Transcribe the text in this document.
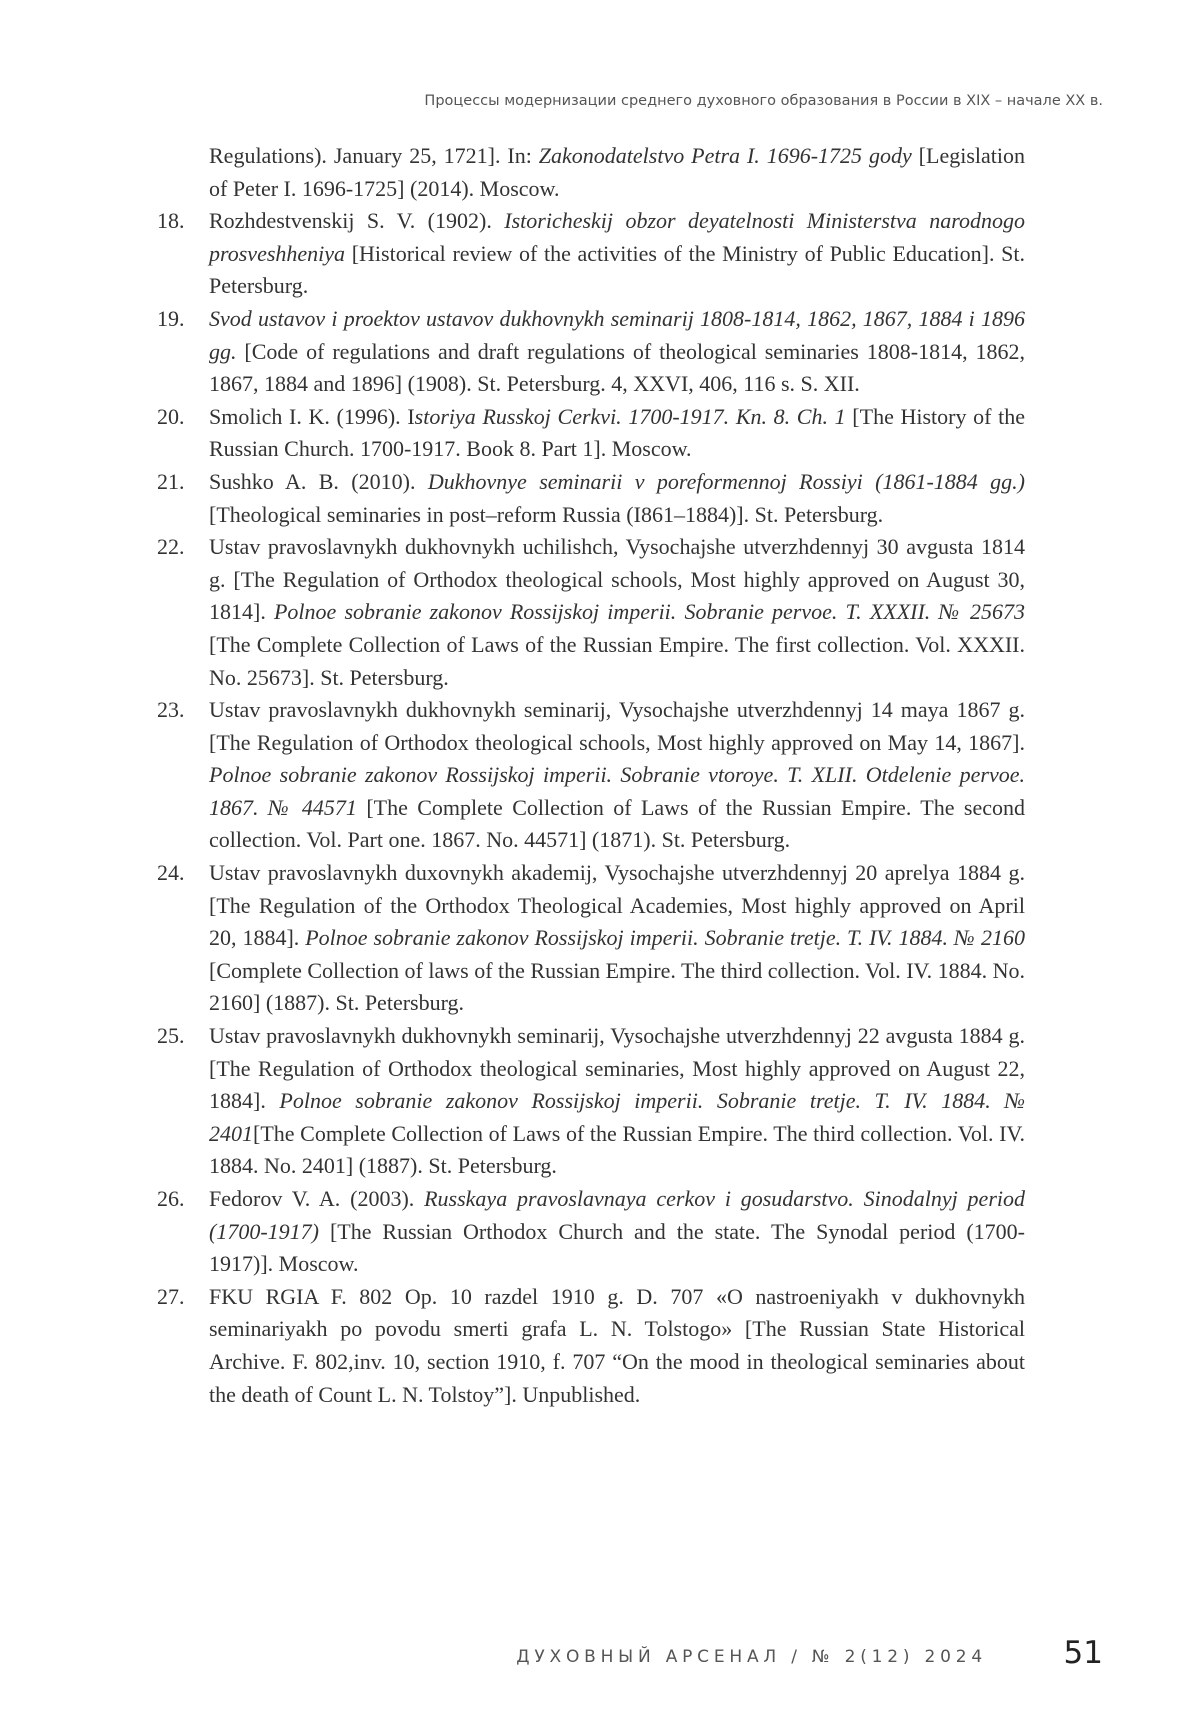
Процессы модернизации среднего духовного образования в России в XIX – начале XX в.
Regulations). January 25, 1721]. In: Zakonodatelstvo Petra I. 1696-1725 gody [Legislation of Peter I. 1696-1725] (2014). Moscow.
18. Rozhdestvenskij S. V. (1902). Istoricheskij obzor deyatelnosti Ministerstva narodnogo prosveshheniya [Historical review of the activities of the Ministry of Public Education]. St. Petersburg.
19. Svod ustavov i proektov ustavov dukhovnykh seminarij 1808-1814, 1862, 1867, 1884 i 1896 gg. [Code of regulations and draft regulations of theological seminaries 1808-1814, 1862, 1867, 1884 and 1896] (1908). St. Petersburg. 4, XXVI, 406, 116 s. S. XII.
20. Smolich I. K. (1996). Istoriya Russkoj Cerkvi. 1700-1917. Kn. 8. Ch. 1 [The History of the Russian Church. 1700-1917. Book 8. Part 1]. Moscow.
21. Sushko A. B. (2010). Dukhovnye seminarii v poreformennoj Rossiyi (1861-1884 gg.) [Theological seminaries in post–reform Russia (I861–1884)]. St. Petersburg.
22. Ustav pravoslavnykh dukhovnykh uchilishch, Vysochajshe utverzhdennyj 30 avgusta 1814 g. [The Regulation of Orthodox theological schools, Most highly approved on August 30, 1814]. Polnoe sobranie zakonov Rossijskoj imperii. Sobranie pervoe. T. XXXII. № 25673 [The Complete Collection of Laws of the Russian Empire. The first collection. Vol. XXXII. No. 25673]. St. Petersburg.
23. Ustav pravoslavnykh dukhovnykh seminarij, Vysochajshe utverzhdennyj 14 maya 1867 g. [The Regulation of Orthodox theological schools, Most highly approved on May 14, 1867]. Polnoe sobranie zakonov Rossijskoj imperii. Sobranie vtoroye. T. XLII. Otdelenie pervoe. 1867. № 44571 [The Complete Collection of Laws of the Russian Empire. The second collection. Vol. Part one. 1867. No. 44571] (1871). St. Petersburg.
24. Ustav pravoslavnykh duxovnykh akademij, Vysochajshe utverzhdennyj 20 aprelya 1884 g. [The Regulation of the Orthodox Theological Academies, Most highly approved on April 20, 1884]. Polnoe sobranie zakonov Rossijskoj imperii. Sobranie tretje. T. IV. 1884. № 2160 [Complete Collection of laws of the Russian Empire. The third collection. Vol. IV. 1884. No. 2160] (1887). St. Petersburg.
25. Ustav pravoslavnykh dukhovnykh seminarij, Vysochajshe utverzhdennyj 22 avgusta 1884 g. [The Regulation of Orthodox theological seminaries, Most highly approved on August 22, 1884]. Polnoe sobranie zakonov Rossijskoj imperii. Sobranie tretje. T. IV. 1884. № 2401[The Complete Collection of Laws of the Russian Empire. The third collection. Vol. IV. 1884. No. 2401] (1887). St. Petersburg.
26. Fedorov V. A. (2003). Russkaya pravoslavnaya cerkov i gosudarstvo. Sinodalnyj period (1700-1917) [The Russian Orthodox Church and the state. The Synodal period (1700-1917)]. Moscow.
27. FKU RGIA F. 802 Op. 10 razdel 1910 g. D. 707 «O nastroeniyakh v dukhovnykh seminariyakh po povodu smerti grafa L. N. Tolstogo» [The Russian State Historical Archive. F. 802,inv. 10, section 1910, f. 707 “On the mood in theological seminaries about the death of Count L. N. Tolstoy”]. Unpublished.
ДУХОВНЫЙ АРСЕНАЛ / № 2(12) 2024 51
